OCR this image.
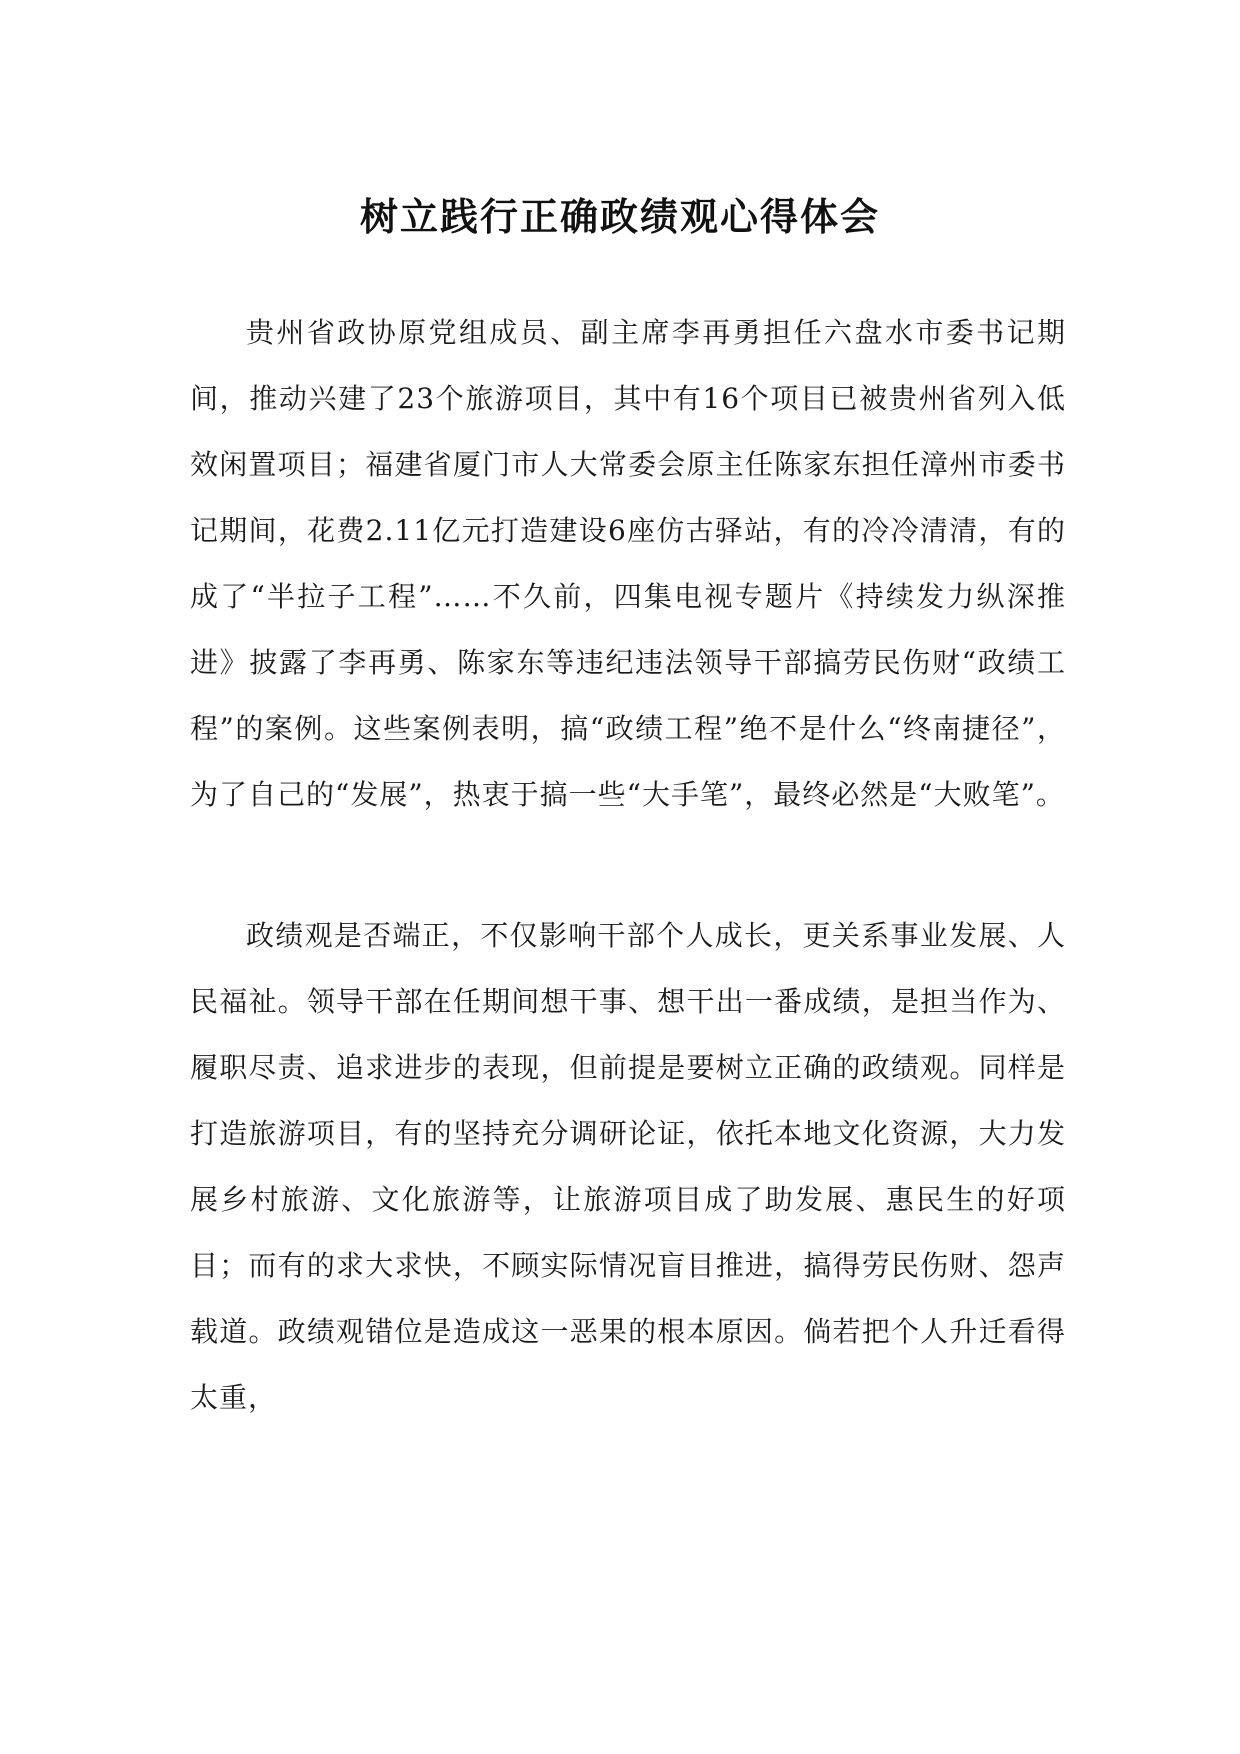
树立践行正确政绩观心得体会

贵州省政协原党组成员、副主席李再勇担任六盘水市委书记期间，推动兴建了23个旅游项目，其中有16个项目已被贵州省列入低效闲置项目；福建省厦门市人大常委会原主任陈家东担任漳州市委书记期间，花费2.11亿元打造建设6座仿古驿站，有的冷冷清清，有的成了“半拉子工程”……不久前，四集电视专题片《持续发力纵深推进》披露了李再勇、陈家东等违纪违法领导干部搞劳民伤财“政绩工程”的案例。这些案例表明，搞“政绩工程”绝不是什么“终南捷径”，为了自己的“发展”，热衷于搞一些“大手笔”，最终必然是“大败笔”。

政绩观是否端正，不仅影响干部个人成长，更关系事业发展、人民福祉。领导干部在任期间想干事、想干出一番成绩，是担当作为、履职尽责、追求进步的表现，但前提是要树立正确的政绩观。同样是打造旅游项目，有的坚持充分调研论证，依托本地文化资源，大力发展乡村旅游、文化旅游等，让旅游项目成了助发展、惠民生的好项目；而有的求大求快，不顾实际情况盲目推进，搞得劳民伤财、怨声载道。政绩观错位是造成这一恶果的根本原因。倘若把个人升迁看得太重，
